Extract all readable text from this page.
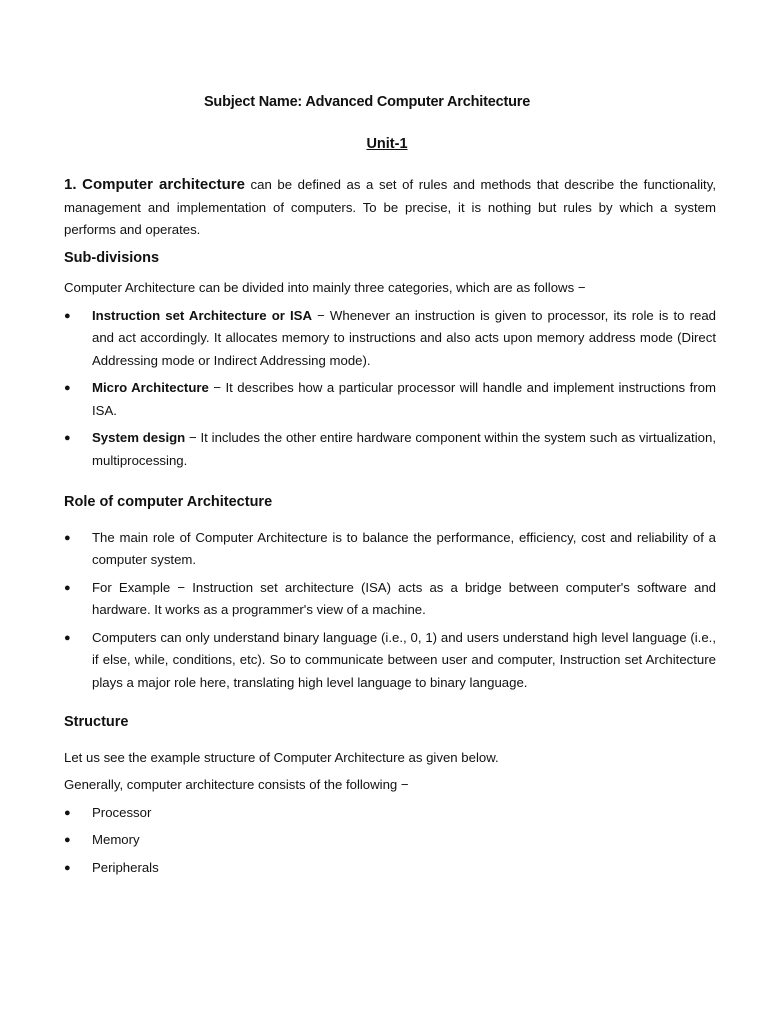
Subject Name: Advanced Computer Architecture
Unit-1

1. Computer architecture can be defined as a set of rules and methods that describe the functionality, management and implementation of computers. To be precise, it is nothing but rules by which a system performs and operates.

Sub-divisions

Computer Architecture can be divided into mainly three categories, which are as follows −

● Instruction set Architecture or ISA − Whenever an instruction is given to processor, its role is to read and act accordingly. It allocates memory to instructions and also acts upon memory address mode (Direct Addressing mode or Indirect Addressing mode).
● Micro Architecture − It describes how a particular processor will handle and implement instructions from ISA.
● System design − It includes the other entire hardware component within the system such as virtualization, multiprocessing.

Role of computer Architecture

● The main role of Computer Architecture is to balance the performance, efficiency, cost and reliability of a computer system.
● For Example − Instruction set architecture (ISA) acts as a bridge between computer's software and hardware. It works as a programmer's view of a machine.
● Computers can only understand binary language (i.e., 0, 1) and users understand high level language (i.e., if else, while, conditions, etc). So to communicate between user and computer, Instruction set Architecture plays a major role here, translating high level language to binary language.

Structure

Let us see the example structure of Computer Architecture as given below.

Generally, computer architecture consists of the following −

● Processor
● Memory
● Peripherals
